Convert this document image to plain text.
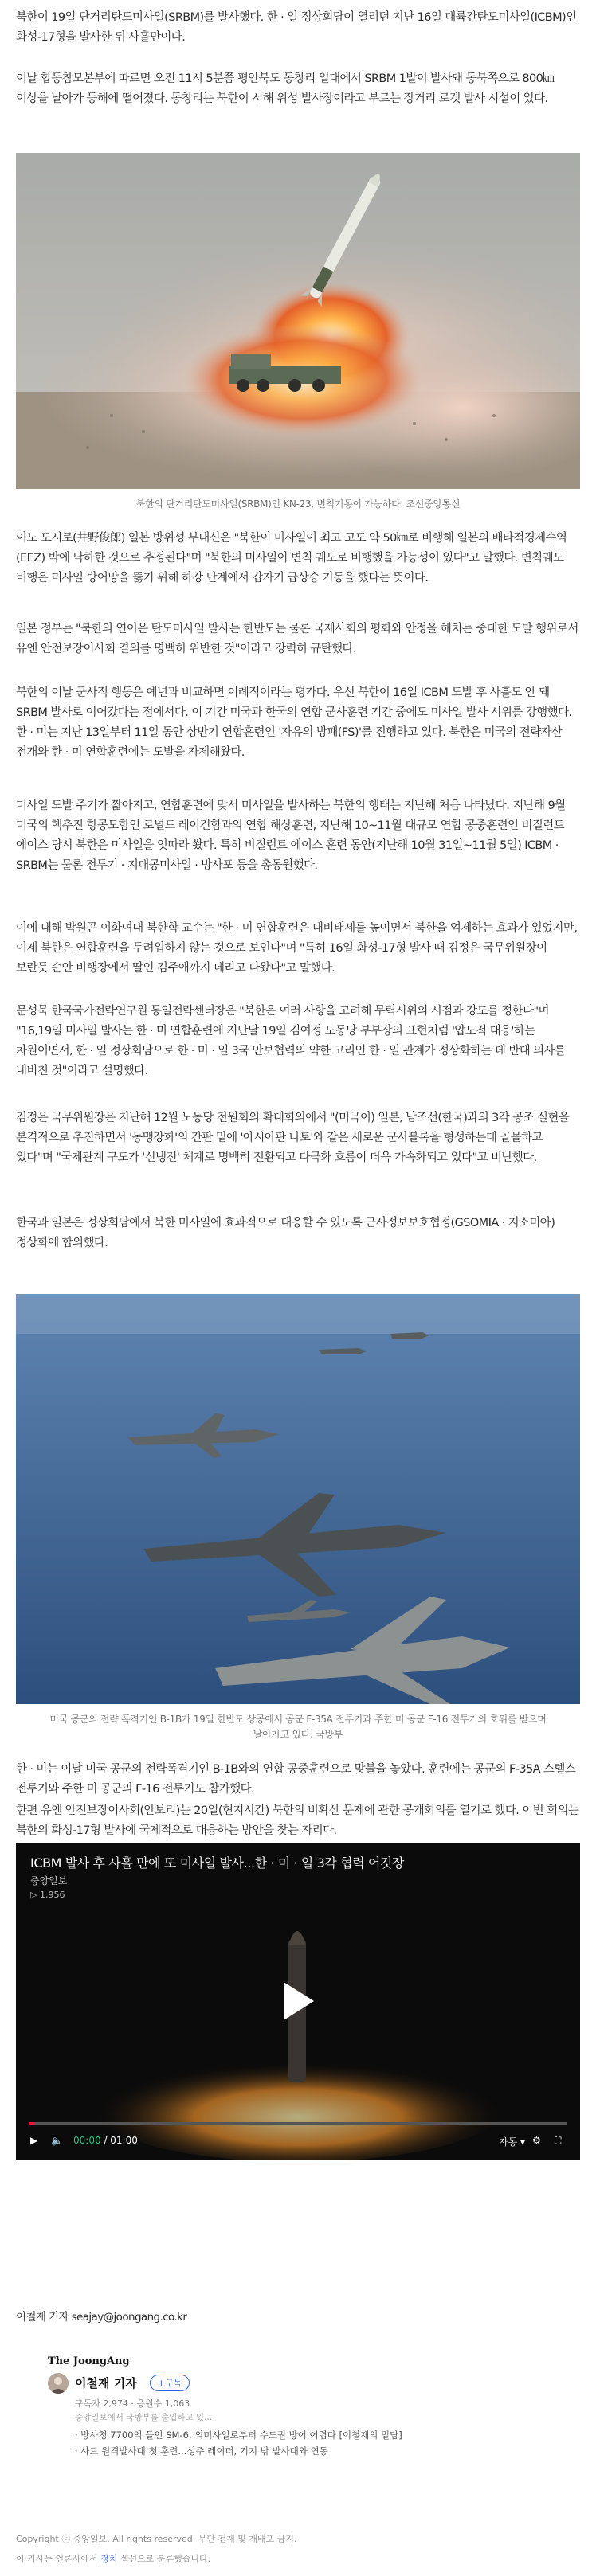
북한이 19일 단거리탄도미사일(SRBM)를 발사했다. 한 · 일 정상회담이 열리던 지난 16일 대륙간탄도미사일(ICBM)인 화성-17형을 발사한 뒤 사흘만이다.

이날 합동참모본부에 따르면 오전 11시 5분쯤 평안북도 동창리 일대에서 SRBM 1발이 발사돼 동북쪽으로 800㎞ 이상을 날아가 동해에 떨어졌다. 동창리는 북한이 서해 위성 발사장이라고 부르는 장거리 로켓 발사 시설이 있다.

북한의 단거리탄도미사일(SRBM)인 KN-23, 변칙기동이 가능하다. 조선중앙통신

이노 도시로(井野俊郎) 일본 방위성 부대신은 "북한이 미사일이 최고 고도 약 50㎞로 비행해 일본의 배타적경제수역(EEZ) 밖에 낙하한 것으로 추정된다"며 "북한의 미사일이 변칙 궤도로 비행했을 가능성이 있다"고 말했다. 변칙궤도 비행은 미사일 방어망을 뚫기 위해 하강 단계에서 갑자기 급상승 기동을 했다는 뜻이다.

일본 정부는 "북한의 연이은 탄도미사일 발사는 한반도는 물론 국제사회의 평화와 안정을 해치는 중대한 도발 행위로서 유엔 안전보장이사회 결의를 명백히 위반한 것"이라고 강력히 규탄했다.

북한의 이날 군사적 행동은 예년과 비교하면 이례적이라는 평가다. 우선 북한이 16일 ICBM 도발 후 사흘도 안 돼 SRBM 발사로 이어갔다는 점에서다. 이 기간 미국과 한국의 연합 군사훈련 기간 중에도 미사일 발사 시위를 강행했다. 한 · 미는 지난 13일부터 11일 동안 상반기 연합훈련인 '자유의 방패(FS)'를 진행하고 있다. 북한은 미국의 전략자산 전개와 한 · 미 연합훈련에는 도발을 자제해왔다.

미사일 도발 주기가 짧아지고, 연합훈련에 맞서 미사일을 발사하는 북한의 행태는 지난해 처음 나타났다. 지난해 9월 미국의 핵추진 항공모함인 로널드 레이건함과의 연합 해상훈련, 지난해 10~11월 대규모 연합 공중훈련인 비질런트 에이스 당시 북한은 미사일을 잇따라 쐈다. 특히 비질런트 에이스 훈련 동안(지난해 10월 31일~11월 5일) ICBM · SRBM는 물론 전투기 · 지대공미사일 · 방사포 등을 총동원했다.

이에 대해 박원곤 이화여대 북한학 교수는 "한 · 미 연합훈련은 대비태세를 높이면서 북한을 억제하는 효과가 있었지만, 이제 북한은 연합훈련을 두려워하지 않는 것으로 보인다"며 "특히 16일 화성-17형 발사 때 김정은 국무위원장이 보란듯 순안 비행장에서 딸인 김주애까지 데리고 나왔다"고 말했다.

문성묵 한국국가전략연구원 통일전략센터장은 "북한은 여러 사항을 고려해 무력시위의 시점과 강도를 정한다"며 "16,19일 미사일 발사는 한 · 미 연합훈련에 지난달 19일 김여정 노동당 부부장의 표현처럼 '압도적 대응'하는 차원이면서, 한 · 일 정상회담으로 한 · 미 · 일 3국 안보협력의 약한 고리인 한 · 일 관계가 정상화하는 데 반대 의사를 내비친 것"이라고 설명했다.

김정은 국무위원장은 지난해 12월 노동당 전원회의 확대회의에서 "(미국이) 일본, 남조선(한국)과의 3각 공조 실현을 본격적으로 추진하면서 '동맹강화'의 간판 밑에 '아시아판 나토'와 같은 새로운 군사블록을 형성하는데 골몰하고 있다"며 "국제관계 구도가 '신냉전' 체계로 명백히 전환되고 다극화 흐름이 더욱 가속화되고 있다"고 비난했다.

한국과 일본은 정상회담에서 북한 미사일에 효과적으로 대응할 수 있도록 군사정보보호협정(GSOMIA · 지소미아) 정상화에 합의했다.

미국 공군의 전략 폭격기인 B-1B가 19일 한반도 상공에서 공군 F-35A 전투기과 주한 미 공군 F-16 전투기의 호위를 받으며 날아가고 있다. 국방부

한 · 미는 이날 미국 공군의 전략폭격기인 B-1B와의 연합 공중훈련으로 맞불을 놓았다. 훈련에는 공군의 F-35A 스텔스 전투기와 주한 미 공군의 F-16 전투기도 참가했다.

한편 유엔 안전보장이사회(안보리)는 20일(현지시간) 북한의 비확산 문제에 관한 공개회의를 열기로 했다. 이번 회의는 북한의 화성-17형 발사에 국제적으로 대응하는 방안을 찾는 자리다.

ICBM 발사 후 사흘 만에 또 미사일 발사...한 · 미 · 일 3각 협력 어깃장
중앙일보
▷ 1,956
▶ 🔈 00:00 / 01:00	자동 ▾ ⚙ ⛶

이철재 기자 seajay@joongang.co.kr

The JoongAng
이철재 기자	+구독
구독자 2,974 · 응원수 1,063
중앙일보에서 국방부를 출입하고 있...
· 방사청 7700억 들인 SM-6, 의미사일로부터 수도권 방어 어렵다 [이철재의 밀담]
· 사드 원격발사대 첫 훈련...성주 레이더, 기지 밖 발사대와 연동
Copyright ⓒ 중앙일보. All rights reserved. 무단 전재 및 재배포 금지.
이 기사는 언론사에서 정치 섹션으로 분류했습니다.
